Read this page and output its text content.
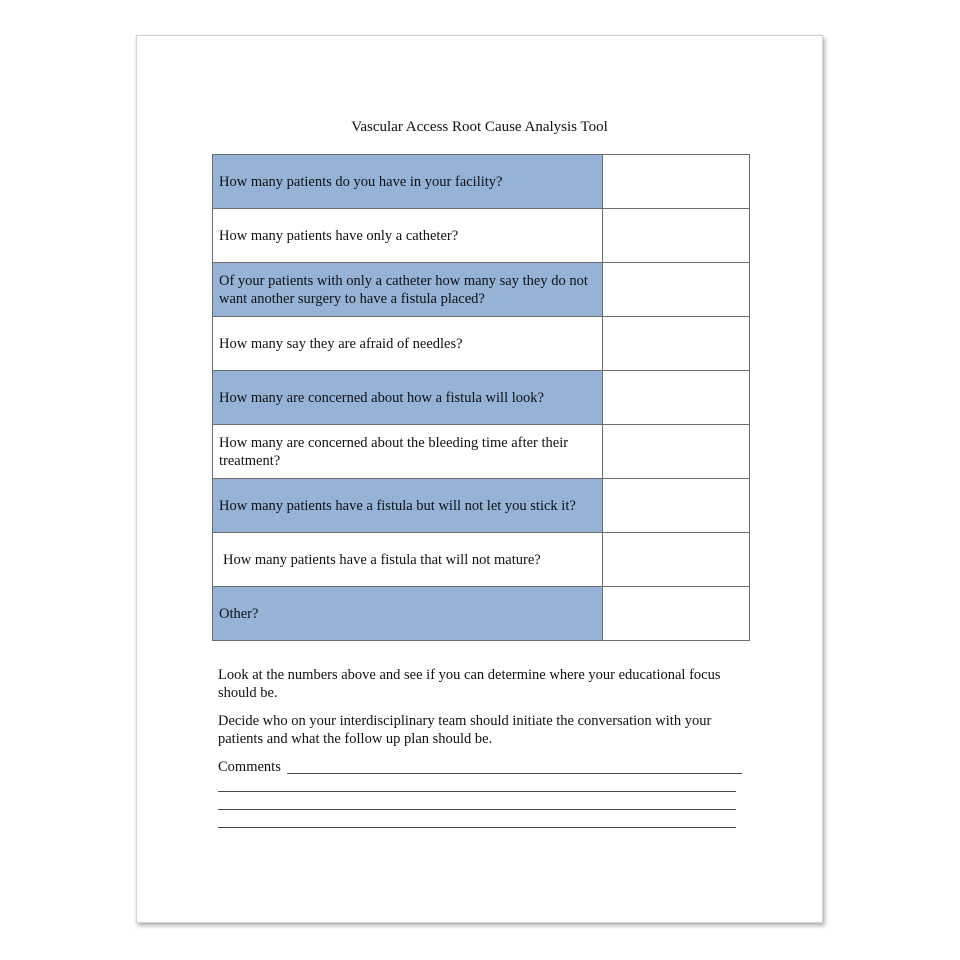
Vascular Access Root Cause Analysis Tool
How many patients do you have in your facility?	
How many patients have only a catheter?	
Of your patients with only a catheter how many say they do not want another surgery to have a fistula placed?	
How many say they are afraid of needles?	
How many are concerned about how a fistula will look?	
How many are concerned about the bleeding time after their treatment?	
How many patients have a fistula but will not let you stick it?	
How many patients have a fistula that will not mature?	
Other?	
Look at the numbers above and see if you can determine where your educational focus should be.
Decide who on your interdisciplinary team should initiate the conversation with your patients and what the follow up plan should be.
Comments
